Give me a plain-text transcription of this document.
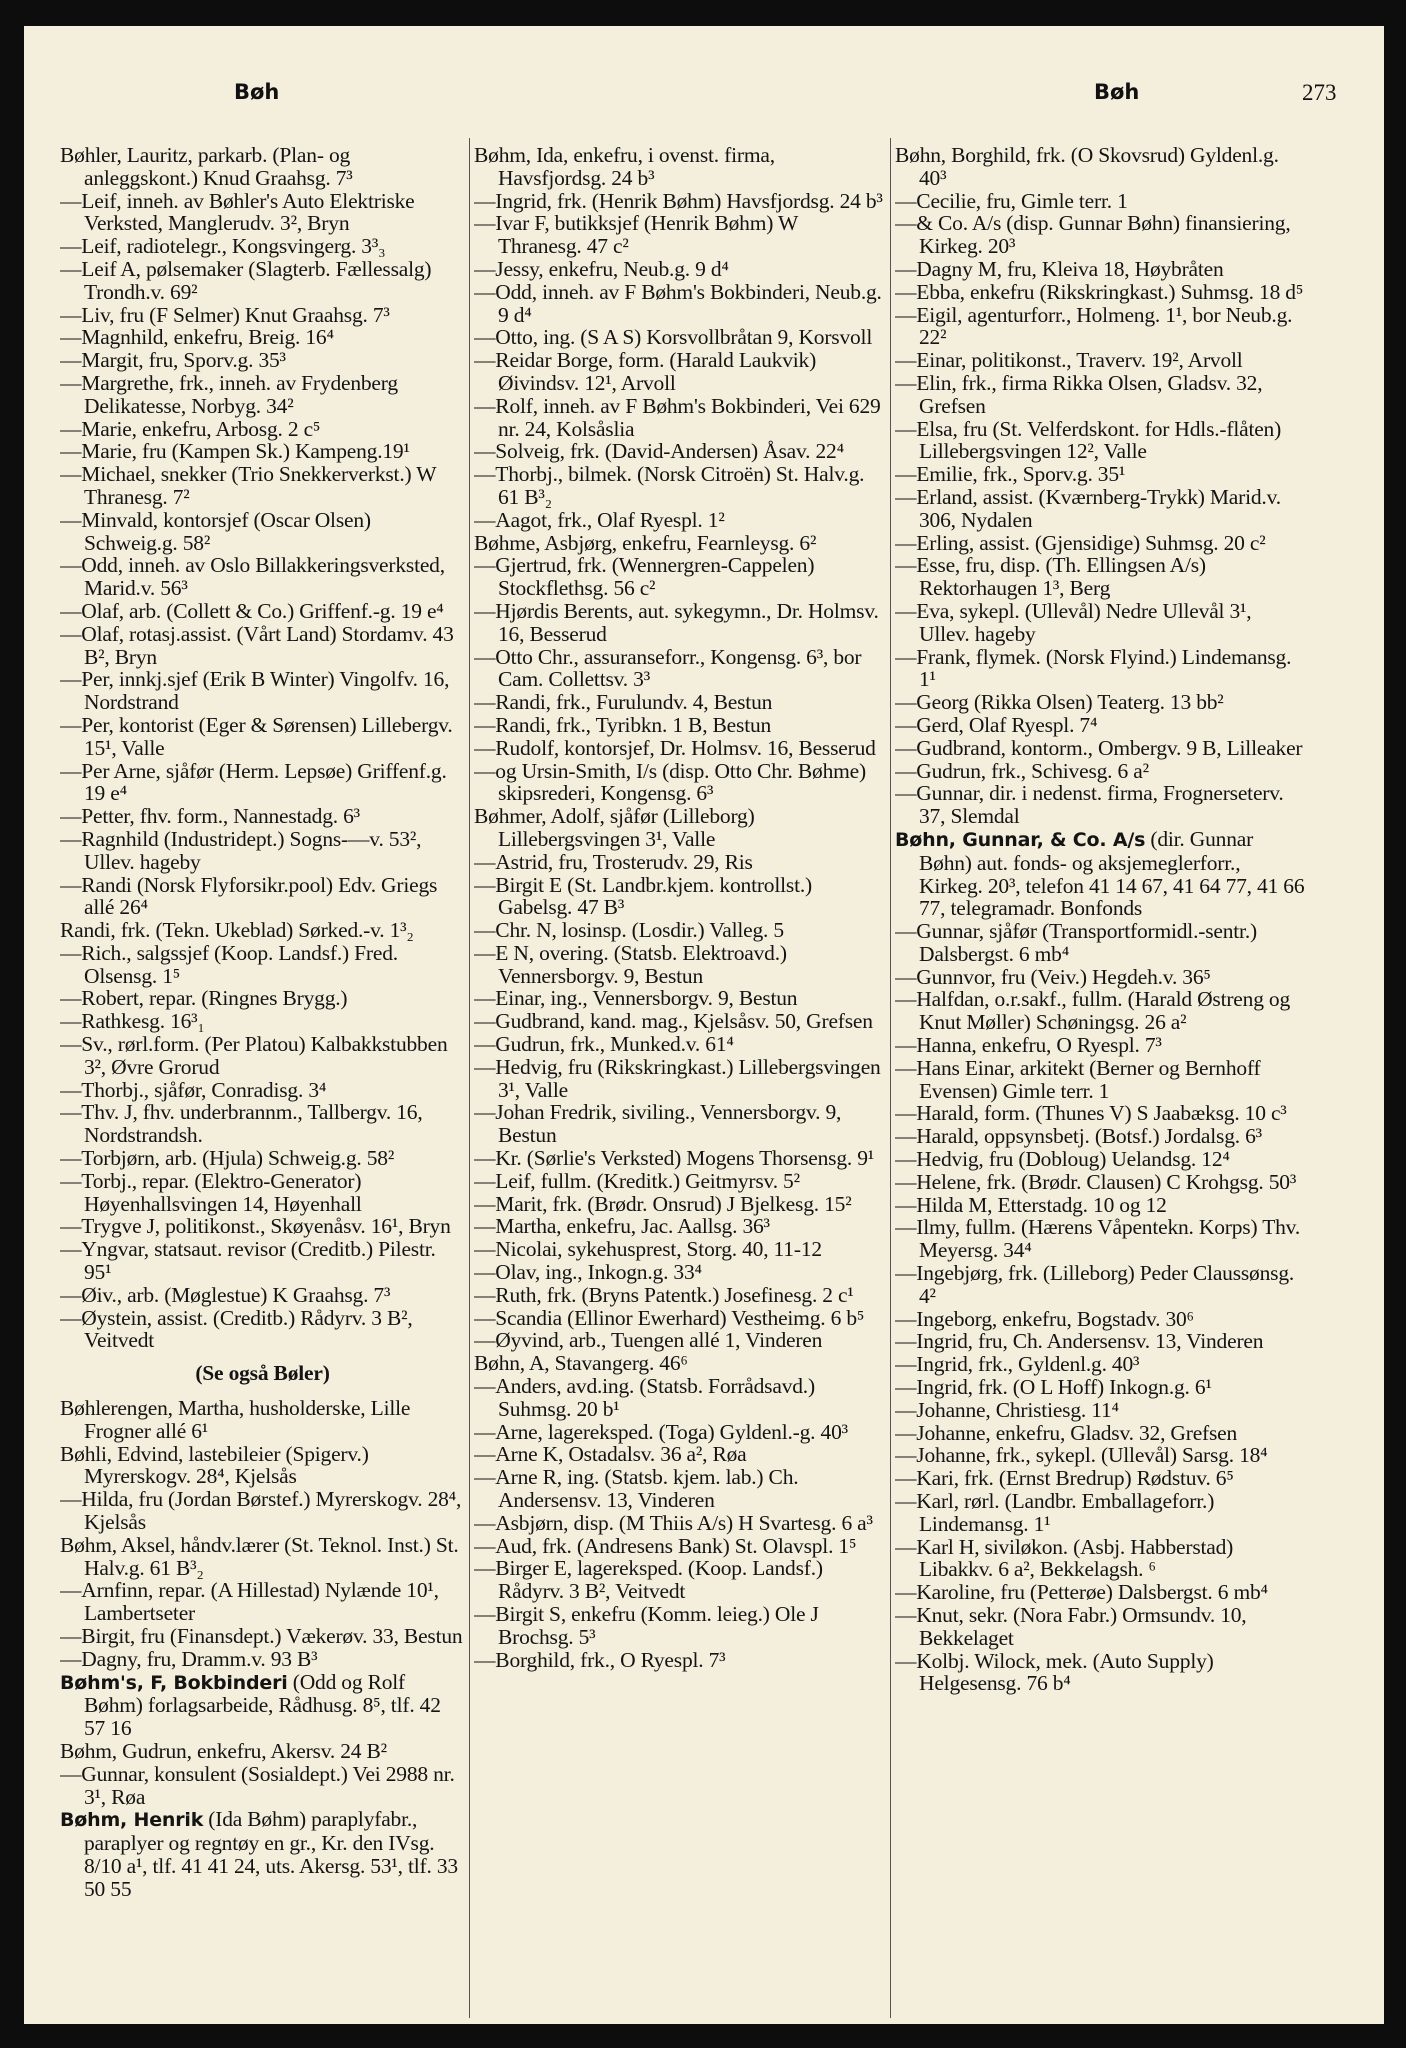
Bøh	Bøh	273

Bøhler, Lauritz, parkarb. (Plan- og anleggskont.) Knud Graahsg. 7³

—Leif, inneh. av Bøhler's Auto Elektriske Verksted, Manglerudv. 3², Bryn

—Leif, radiotelegr., Kongsvingerg. 3³₃

—Leif A, pølsemaker (Slagterb. Fællessalg) Trondh.v. 69²

—Liv, fru (F Selmer) Knut Graahsg. 7³

—Magnhild, enkefru, Breig. 16⁴

—Margit, fru, Sporv.g. 35³

—Margrethe, frk., inneh. av Frydenberg Delikatesse, Norbyg. 34²

—Marie, enkefru, Arbosg. 2 c⁵

—Marie, fru (Kampen Sk.) Kampeng.19¹

—Michael, snekker (Trio Snekkerverkst.) W Thranesg. 7²

—Minvald, kontorsjef (Oscar Olsen) Schweig.g. 58²

—Odd, inneh. av Oslo Billakkeringsverksted, Marid.v. 56³

—Olaf, arb. (Collett & Co.) Griffenf.-g. 19 e⁴

—Olaf, rotasj.assist. (Vårt Land) Stordamv. 43 B², Bryn

—Per, innkj.sjef (Erik B Winter) Vingolfv. 16, Nordstrand

—Per, kontorist (Eger & Sørensen) Lillebergv. 15¹, Valle

—Per Arne, sjåfør (Herm. Lepsøe) Griffenf.g. 19 e⁴

—Petter, fhv. form., Nannestadg. 6³

—Ragnhild (Industridept.) Sogns-—v. 53², Ullev. hageby

—Randi (Norsk Flyforsikr.pool) Edv. Griegs allé 26⁴

Randi, frk. (Tekn. Ukeblad) Sørked.-v. 1³₂

—Rich., salgssjef (Koop. Landsf.) Fred. Olsensg. 1⁵

—Robert, repar. (Ringnes Brygg.)

—Rathkesg. 16³₁

—Sv., rørl.form. (Per Platou) Kalbakkstubben 3², Øvre Grorud

—Thorbj., sjåfør, Conradisg. 3⁴

—Thv. J, fhv. underbrannm., Tallbergv. 16, Nordstrandsh.

—Torbjørn, arb. (Hjula) Schweig.g. 58²

—Torbj., repar. (Elektro-Generator) Høyenhallsvingen 14, Høyenhall

—Trygve J, politikonst., Skøyenåsv. 16¹, Bryn

—Yngvar, statsaut. revisor (Creditb.) Pilestr. 95¹

—Øiv., arb. (Møglestue) K Graahsg. 7³

—Øystein, assist. (Creditb.) Rådyrv. 3 B², Veitvedt

(Se også Bøler)

Bøhlerengen, Martha, husholderske, Lille Frogner allé 6¹

Bøhli, Edvind, lastebileier (Spigerv.) Myrerskogv. 28⁴, Kjelsås

—Hilda, fru (Jordan Børstef.) Myrerskogv. 28⁴, Kjelsås

Bøhm, Aksel, håndv.lærer (St. Teknol. Inst.) St. Halv.g. 61 B³₂

—Arnfinn, repar. (A Hillestad) Nylænde 10¹, Lambertseter

—Birgit, fru (Finansdept.) Vækerøv. 33, Bestun

—Dagny, fru, Dramm.v. 93 B³

Bøhm's, F, Bokbinderi (Odd og Rolf Bøhm) forlagsarbeide, Rådhusg. 8⁵, tlf. 42 57 16

Bøhm, Gudrun, enkefru, Akersv. 24 B²

—Gunnar, konsulent (Sosialdept.) Vei 2988 nr. 3¹, Røa

Bøhm, Henrik (Ida Bøhm) paraplyfabr., paraplyer og regntøy en gr., Kr. den IVsg. 8/10 a¹, tlf. 41 41 24, uts. Akersg. 53¹, tlf. 33 50 55

Bøhm, Ida, enkefru, i ovenst. firma, Havsfjordsg. 24 b³

—Ingrid, frk. (Henrik Bøhm) Havsfjordsg. 24 b³

—Ivar F, butikksjef (Henrik Bøhm) W Thranesg. 47 c²

—Jessy, enkefru, Neub.g. 9 d⁴

—Odd, inneh. av F Bøhm's Bokbinderi, Neub.g. 9 d⁴

—Otto, ing. (S A S) Korsvollbråtan 9, Korsvoll

—Reidar Borge, form. (Harald Laukvik) Øivindsv. 12¹, Arvoll

—Rolf, inneh. av F Bøhm's Bokbinderi, Vei 629 nr. 24, Kolsåslia

—Solveig, frk. (David-Andersen) Åsav. 22⁴

—Thorbj., bilmek. (Norsk Citroën) St. Halv.g. 61 B³₂

—Aagot, frk., Olaf Ryespl. 1²

Bøhme, Asbjørg, enkefru, Fearnleysg. 6²

—Gjertrud, frk. (Wennergren-Cappelen) Stockflethsg. 56 c²

—Hjørdis Berents, aut. sykegymn., Dr. Holmsv. 16, Besserud

—Otto Chr., assuranseforr., Kongensg. 6³, bor Cam. Collettsv. 3³

—Randi, frk., Furulundv. 4, Bestun

—Randi, frk., Tyribkn. 1 B, Bestun

—Rudolf, kontorsjef, Dr. Holmsv. 16, Besserud

—og Ursin-Smith, I/s (disp. Otto Chr. Bøhme) skipsrederi, Kongensg. 6³

Bøhmer, Adolf, sjåfør (Lilleborg) Lillebergsvingen 3¹, Valle

—Astrid, fru, Trosterudv. 29, Ris

—Birgit E (St. Landbr.kjem. kontrollst.) Gabelsg. 47 B³

—Chr. N, losinsp. (Losdir.) Valleg. 5

—E N, overing. (Statsb. Elektroavd.) Vennersborgv. 9, Bestun

—Einar, ing., Vennersborgv. 9, Bestun

—Gudbrand, kand. mag., Kjelsåsv. 50, Grefsen

—Gudrun, frk., Munked.v. 61⁴

—Hedvig, fru (Rikskringkast.) Lillebergsvingen 3¹, Valle

—Johan Fredrik, siviling., Vennersborgv. 9, Bestun

—Kr. (Sørlie's Verksted) Mogens Thorsensg. 9¹

—Leif, fullm. (Kreditk.) Geitmyrsv. 5²

—Marit, frk. (Brødr. Onsrud) J Bjelkesg. 15²

—Martha, enkefru, Jac. Aallsg. 36³

—Nicolai, sykehusprest, Storg. 40, 11-12

—Olav, ing., Inkogn.g. 33⁴

—Ruth, frk. (Bryns Patentk.) Josefinesg. 2 c¹

—Scandia (Ellinor Ewerhard) Vestheimg. 6 b⁵

—Øyvind, arb., Tuengen allé 1, Vinderen

Bøhn, A, Stavangerg. 46⁶

—Anders, avd.ing. (Statsb. Forrådsavd.) Suhmsg. 20 b¹

—Arne, lagereksped. (Toga) Gyldenl.-g. 40³

—Arne K, Ostadalsv. 36 a², Røa

—Arne R, ing. (Statsb. kjem. lab.) Ch. Andersensv. 13, Vinderen

—Asbjørn, disp. (M Thiis A/s) H Svartesg. 6 a³

—Aud, frk. (Andresens Bank) St. Olavspl. 1⁵

—Birger E, lagereksped. (Koop. Landsf.) Rådyrv. 3 B², Veitvedt

—Birgit S, enkefru (Komm. leieg.) Ole J Brochsg. 5³

—Borghild, frk., O Ryespl. 7³

Bøhn, Borghild, frk. (O Skovsrud) Gyldenl.g. 40³

—Cecilie, fru, Gimle terr. 1

—& Co. A/s (disp. Gunnar Bøhn) finansiering, Kirkeg. 20³

—Dagny M, fru, Kleiva 18, Høybråten

—Ebba, enkefru (Rikskringkast.) Suhmsg. 18 d⁵

—Eigil, agenturforr., Holmeng. 1¹, bor Neub.g. 22²

—Einar, politikonst., Traverv. 19², Arvoll

—Elin, frk., firma Rikka Olsen, Gladsv. 32, Grefsen

—Elsa, fru (St. Velferdskont. for Hdls.-flåten) Lillebergsvingen 12², Valle

—Emilie, frk., Sporv.g. 35¹

—Erland, assist. (Kværnberg-Trykk) Marid.v. 306, Nydalen

—Erling, assist. (Gjensidige) Suhmsg. 20 c²

—Esse, fru, disp. (Th. Ellingsen A/s) Rektorhaugen 1³, Berg

—Eva, sykepl. (Ullevål) Nedre Ullevål 3¹, Ullev. hageby

—Frank, flymek. (Norsk Flyind.) Lindemansg. 1¹

—Georg (Rikka Olsen) Teaterg. 13 bb²

—Gerd, Olaf Ryespl. 7⁴

—Gudbrand, kontorm., Ombergv. 9 B, Lilleaker

—Gudrun, frk., Schivesg. 6 a²

—Gunnar, dir. i nedenst. firma, Frognerseterv. 37, Slemdal

Bøhn, Gunnar, & Co. A/s (dir. Gunnar Bøhn) aut. fonds- og aksjemeglerforr., Kirkeg. 20³, telefon 41 14 67, 41 64 77, 41 66 77, telegramadr. Bonfonds

—Gunnar, sjåfør (Transportformidl.-sentr.) Dalsbergst. 6 mb⁴

—Gunnvor, fru (Veiv.) Hegdeh.v. 36⁵

—Halfdan, o.r.sakf., fullm. (Harald Østreng og Knut Møller) Schøningsg. 26 a²

—Hanna, enkefru, O Ryespl. 7³

—Hans Einar, arkitekt (Berner og Bernhoff Evensen) Gimle terr. 1

—Harald, form. (Thunes V) S Jaabæksg. 10 c³

—Harald, oppsynsbetj. (Botsf.) Jordalsg. 6³

—Hedvig, fru (Dobloug) Uelandsg. 12⁴

—Helene, frk. (Brødr. Clausen) C Krohgsg. 50³

—Hilda M, Etterstadg. 10 og 12

—Ilmy, fullm. (Hærens Våpentekn. Korps) Thv. Meyersg. 34⁴

—Ingebjørg, frk. (Lilleborg) Peder Claussønsg. 4²

—Ingeborg, enkefru, Bogstadv. 30⁶

—Ingrid, fru, Ch. Andersensv. 13, Vinderen

—Ingrid, frk., Gyldenl.g. 40³

—Ingrid, frk. (O L Hoff) Inkogn.g. 6¹

—Johanne, Christiesg. 11⁴

—Johanne, enkefru, Gladsv. 32, Grefsen

—Johanne, frk., sykepl. (Ullevål) Sarsg. 18⁴

—Kari, frk. (Ernst Bredrup) Rødstuv. 6⁵

—Karl, rørl. (Landbr. Emballageforr.) Lindemansg. 1¹

—Karl H, siviløkon. (Asbj. Habberstad) Libakkv. 6 a², Bekkelagsh. ⁶

—Karoline, fru (Petterøe) Dalsbergst. 6 mb⁴

—Knut, sekr. (Nora Fabr.) Ormsundv. 10, Bekkelaget

—Kolbj. Wilock, mek. (Auto Supply) Helgesensg. 76 b⁴
